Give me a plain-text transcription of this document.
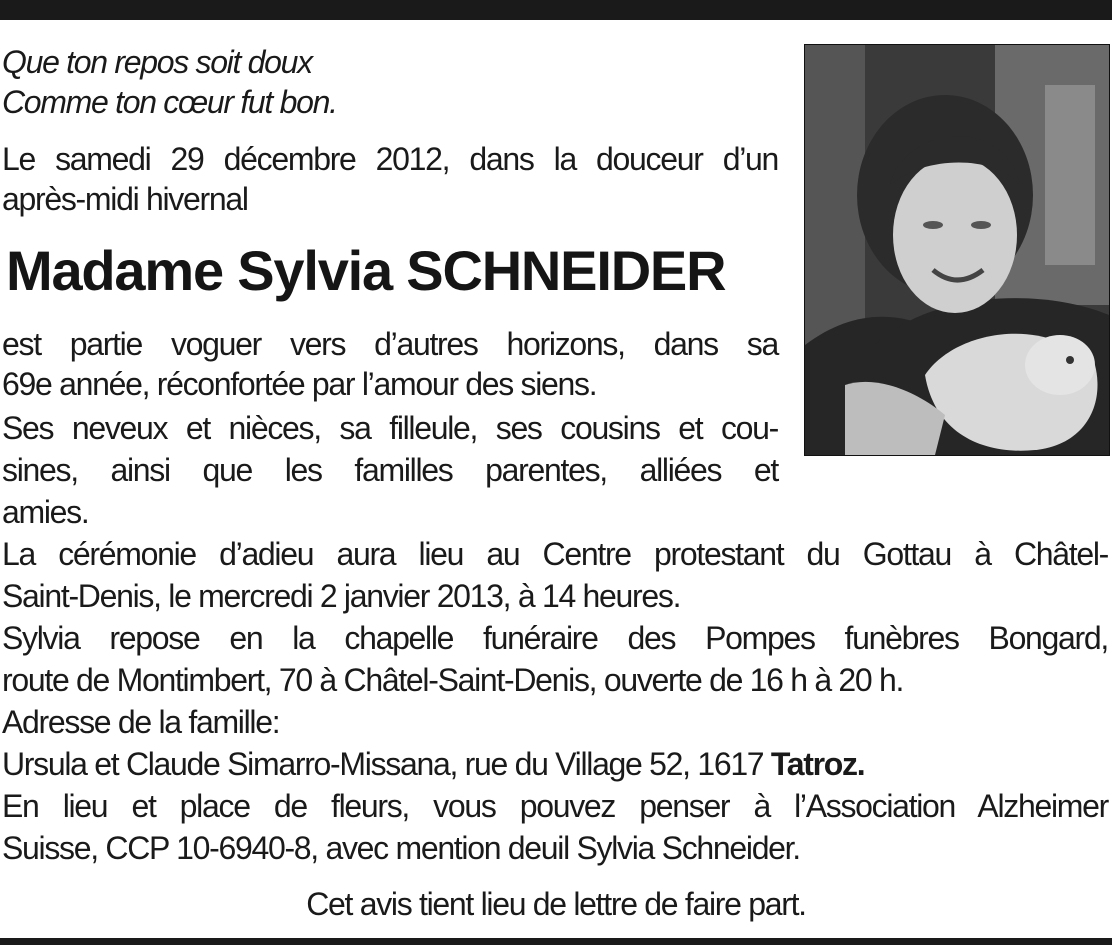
Que ton repos soit doux
Comme ton cœur fut bon.
Le samedi 29 décembre 2012, dans la douceur d’un
après-midi hivernal
Madame Sylvia SCHNEIDER
est partie voguer vers d’autres horizons, dans sa
69e année, réconfortée par l’amour des siens.
Ses neveux et nièces, sa filleule, ses cousins et cou-
sines, ainsi que les familles parentes, alliées et
amies.
La cérémonie d’adieu aura lieu au Centre protestant du Gottau à Châtel-
Saint-Denis, le mercredi 2 janvier 2013, à 14 heures.
Sylvia repose en la chapelle funéraire des Pompes funèbres Bongard,
route de Montimbert, 70 à Châtel-Saint-Denis, ouverte de 16 h à 20 h.
Adresse de la famille:
Ursula et Claude Simarro-Missana, rue du Village 52, 1617 Tatroz.
En lieu et place de fleurs, vous pouvez penser à l’Association Alzheimer
Suisse, CCP 10-6940-8, avec mention deuil Sylvia Schneider.
Cet avis tient lieu de lettre de faire part.
